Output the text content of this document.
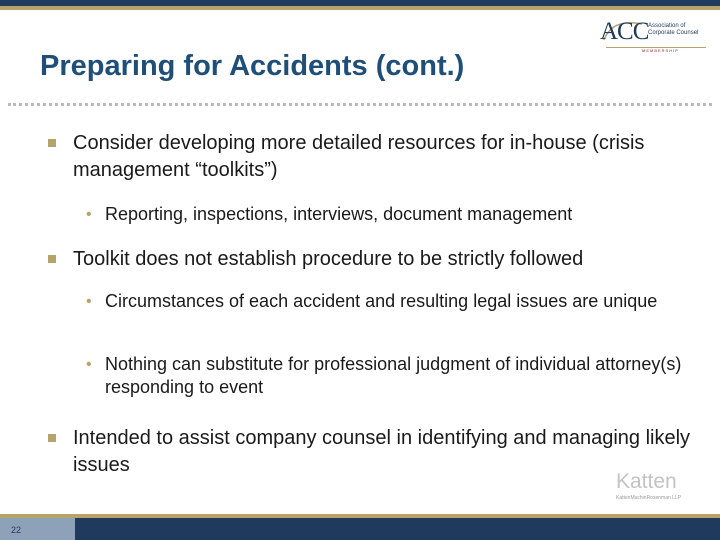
ACC Association of
Corporate Counsel
MEMBERSHIP
Preparing for Accidents (cont.)
Consider developing more detailed resources for in-house (crisis management “toolkits”)
• Reporting, inspections, interviews, document management
Toolkit does not establish procedure to be strictly followed
• Circumstances of each accident and resulting legal issues are unique
• Nothing can substitute for professional judgment of individual attorney(s) responding to event
Intended to assist company counsel in identifying and managing likely issues
Katten
KattenMuchinRosenman LLP
22
